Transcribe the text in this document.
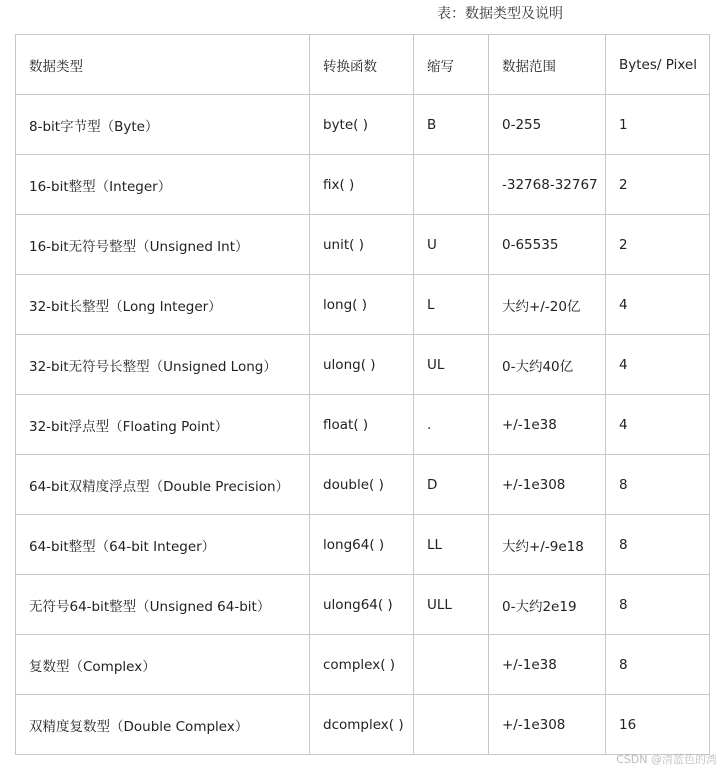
表：数据类型及说明
数据类型	转换函数	缩写	数据范围	Bytes/ Pixel
8-bit字节型（Byte）	byte( )	B	0-255	1
16-bit整型（Integer）	fix( )		-32768-32767	2
16-bit无符号整型（Unsigned Int）	unit( )	U	0-65535	2
32-bit长整型（Long Integer）	long( )	L	大约+/-20亿	4
32-bit无符号长整型（Unsigned Long）	ulong( )	UL	0-大约40亿	4
32-bit浮点型（Floating Point）	float( )	.	+/-1e38	4
64-bit双精度浮点型（Double Precision）	double( )	D	+/-1e308	8
64-bit整型（64-bit Integer）	long64( )	LL	大约+/-9e18	8
无符号64-bit整型（Unsigned 64-bit）	ulong64( )	ULL	0-大约2e19	8
复数型（Complex）	complex( )		+/-1e38	8
双精度复数型（Double Complex）	dcomplex( )		+/-1e308	16
CSDN @清蓝色的湾
